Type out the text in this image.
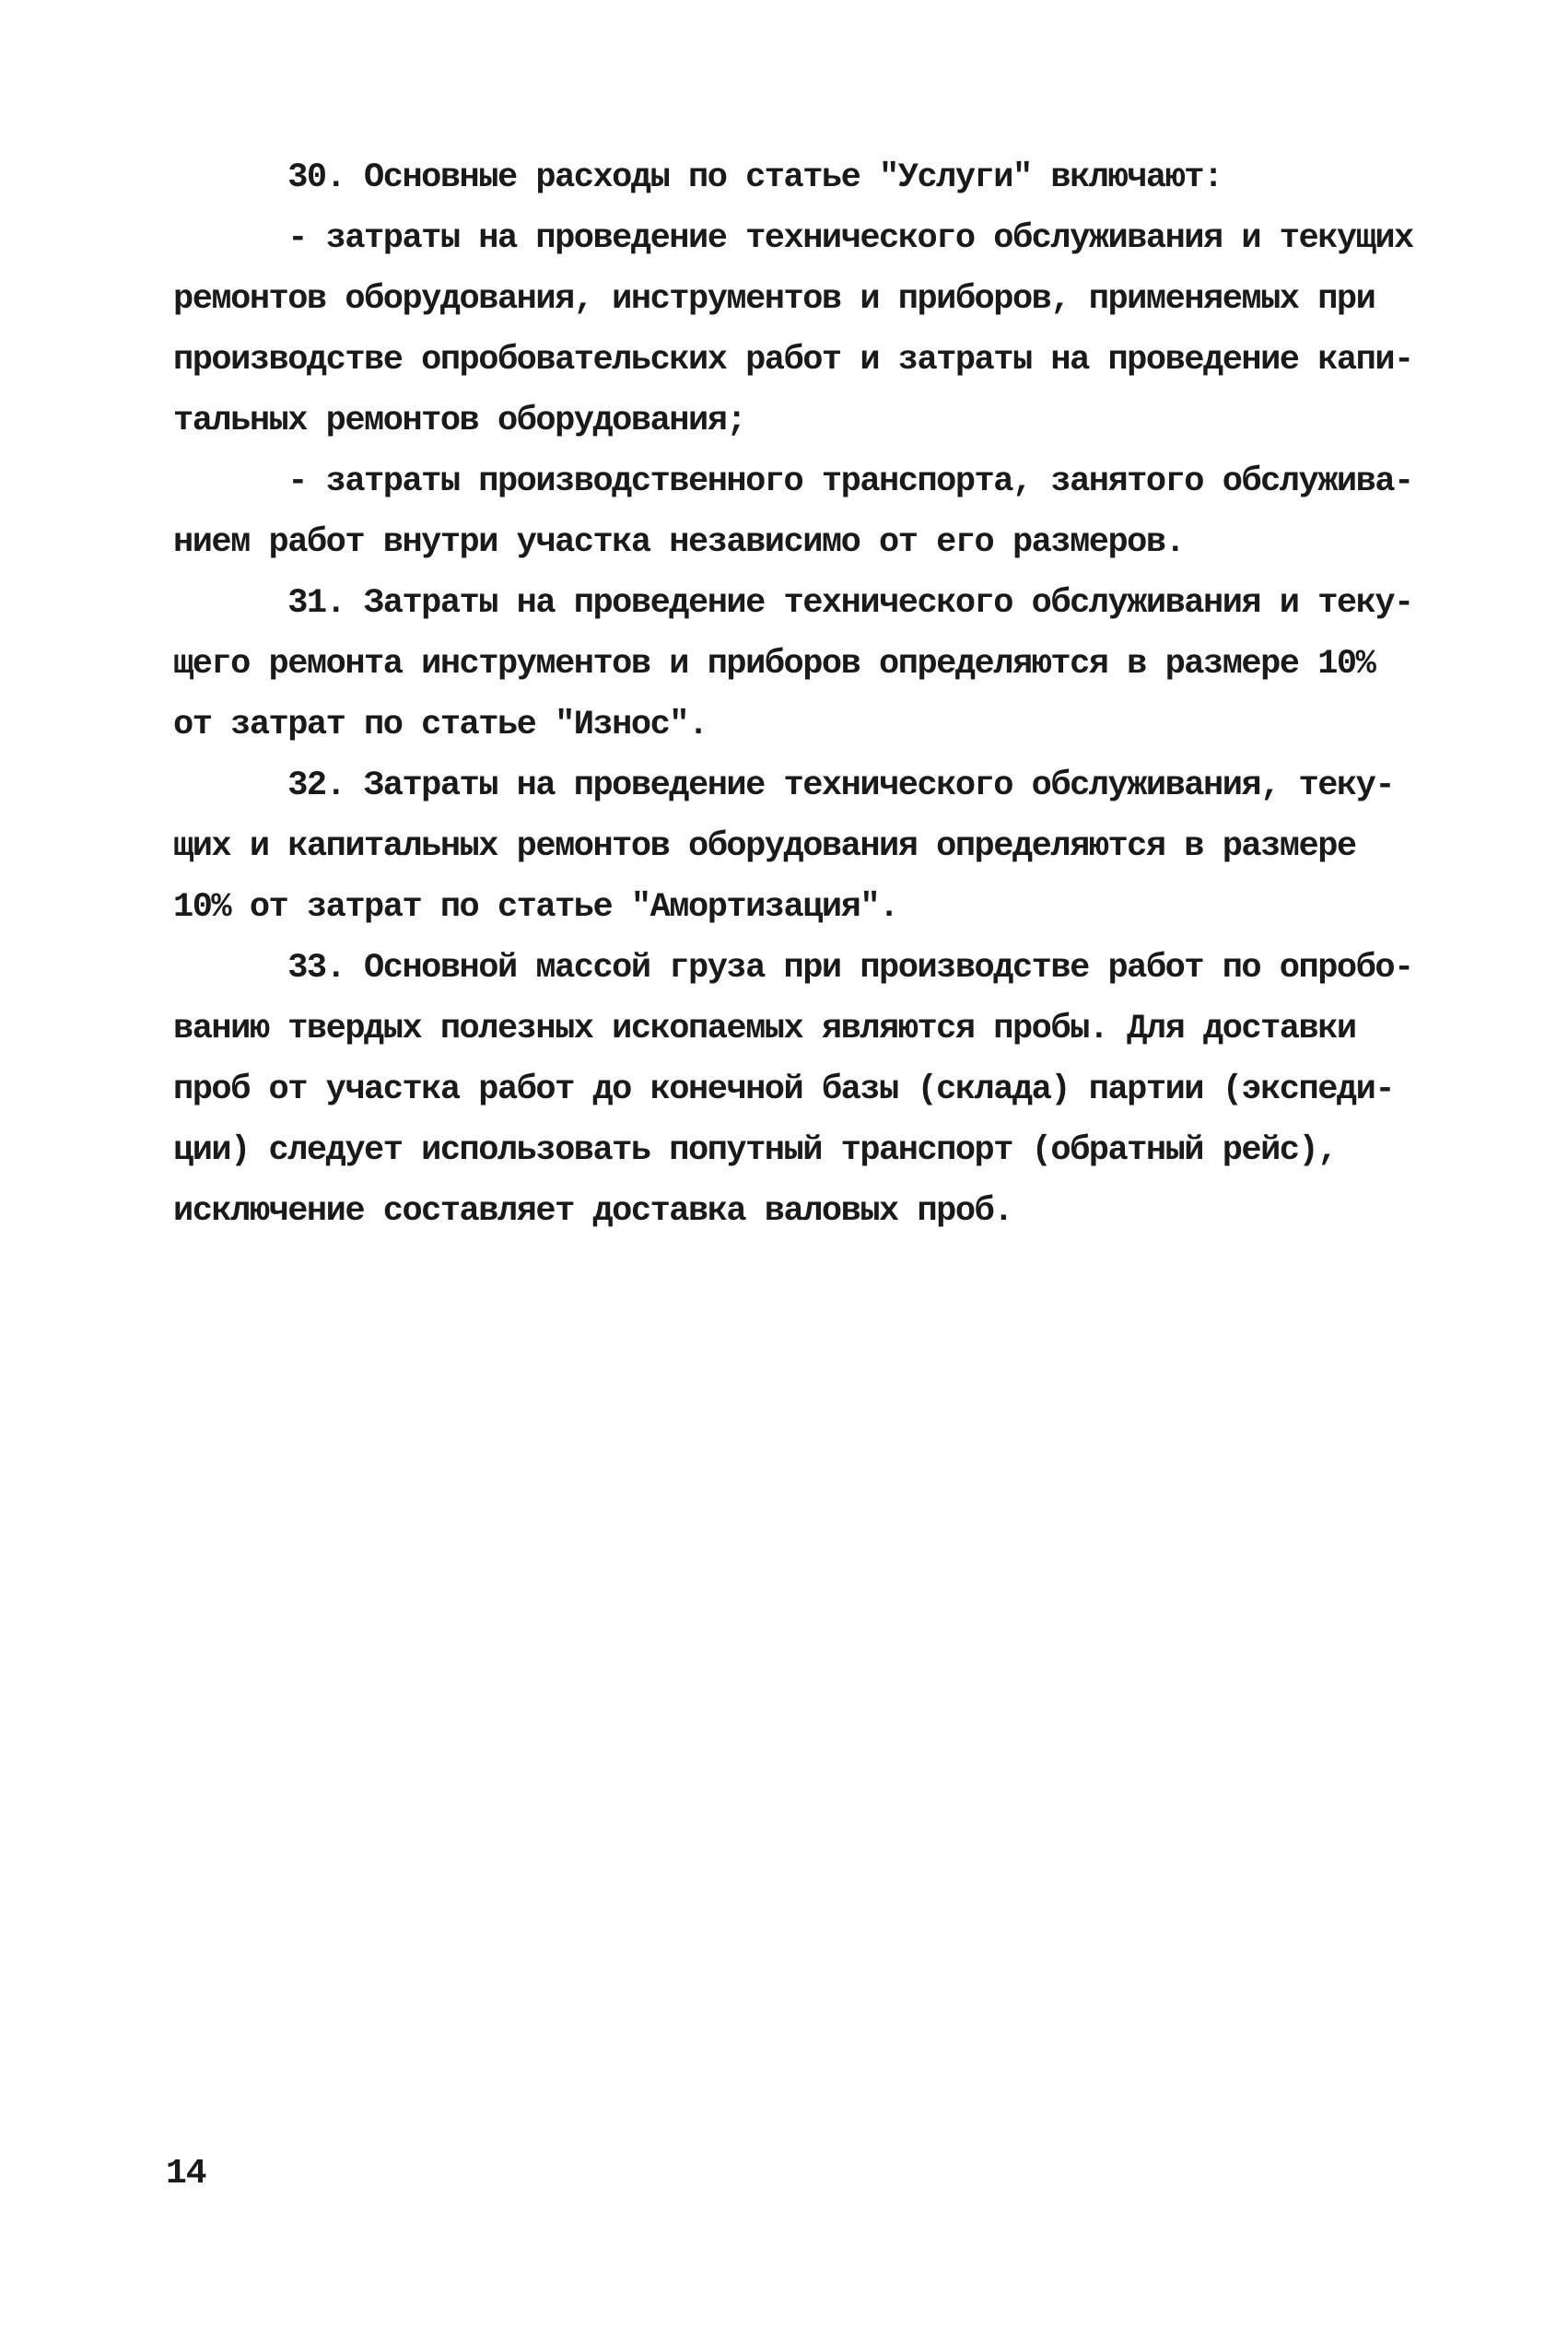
30. Основные расходы по статье "Услуги" включают:
- затраты на проведение технического обслуживания и текущих
ремонтов оборудования, инструментов и приборов, применяемых при
производстве опробовательских работ и затраты на проведение капи-
тальных ремонтов оборудования;
- затраты производственного транспорта, занятого обслужива-
нием работ внутри участка независимо от его размеров.
31. Затраты на проведение технического обслуживания и теку-
щего ремонта инструментов и приборов определяются в размере 10%
от затрат по статье "Износ".
32. Затраты на проведение технического обслуживания, теку-
щих и капитальных ремонтов оборудования определяются в размере
10% от затрат по статье "Амортизация".
33. Основной массой груза при производстве работ по опробо-
ванию твердых полезных ископаемых являются пробы. Для доставки
проб от участка работ до конечной базы (склада) партии (экспеди-
ции) следует использовать попутный транспорт (обратный рейс),
исключение составляет доставка валовых проб.
14
